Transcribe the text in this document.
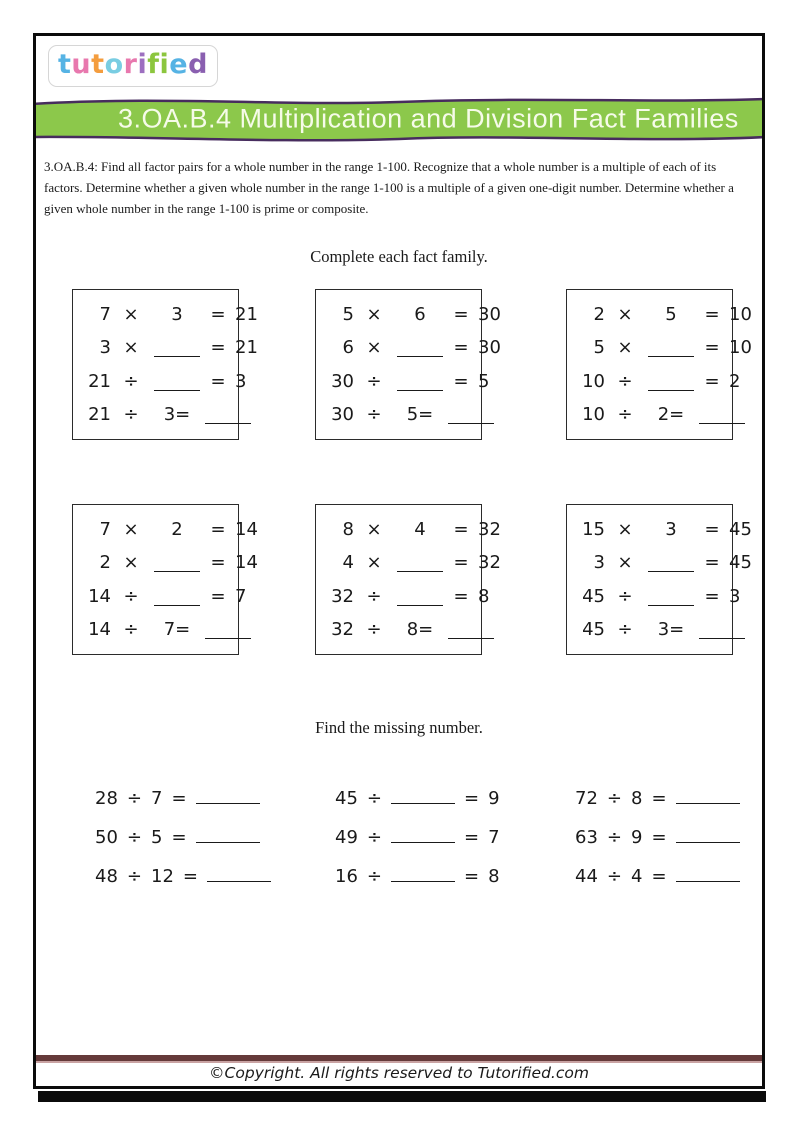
tutorified
3.OA.B.4 Multiplication and Division Fact Families

3.OA.B.4: Find all factor pairs for a whole number in the range 1-100. Recognize that a whole number is a multiple of each of its factors. Determine whether a given whole number in the range 1-100 is a multiple of a given one-digit number. Determine whether a given whole number in the range 1-100 is prime or composite.

Complete each fact family.
7 ×	3	= 21
3 ×	= 21
21 ÷	= 3
21 ÷	3=
5 ×	6	= 30
6 ×	= 30
30 ÷	= 5
30 ÷	5=
2 ×	5	= 10
5 ×	= 10
10 ÷	= 2
10 ÷	2=
7 ×	2	= 14
2 ×	= 14
14 ÷	= 7
14 ÷	7=
8 ×	4	= 32
4 ×	= 32
32 ÷	= 8
32 ÷	8=
15 ×	3	= 45
3 ×	= 45
45 ÷	= 3
45 ÷	3=
Find the missing number.
28 ÷ 7 =
50 ÷ 5 =
48 ÷ 12 =
45 ÷	= 9
49 ÷	= 7
16 ÷	= 8
72 ÷ 8 =
63 ÷ 9 =
44 ÷ 4 =
©Copyright. All rights reserved to Tutorified.com
